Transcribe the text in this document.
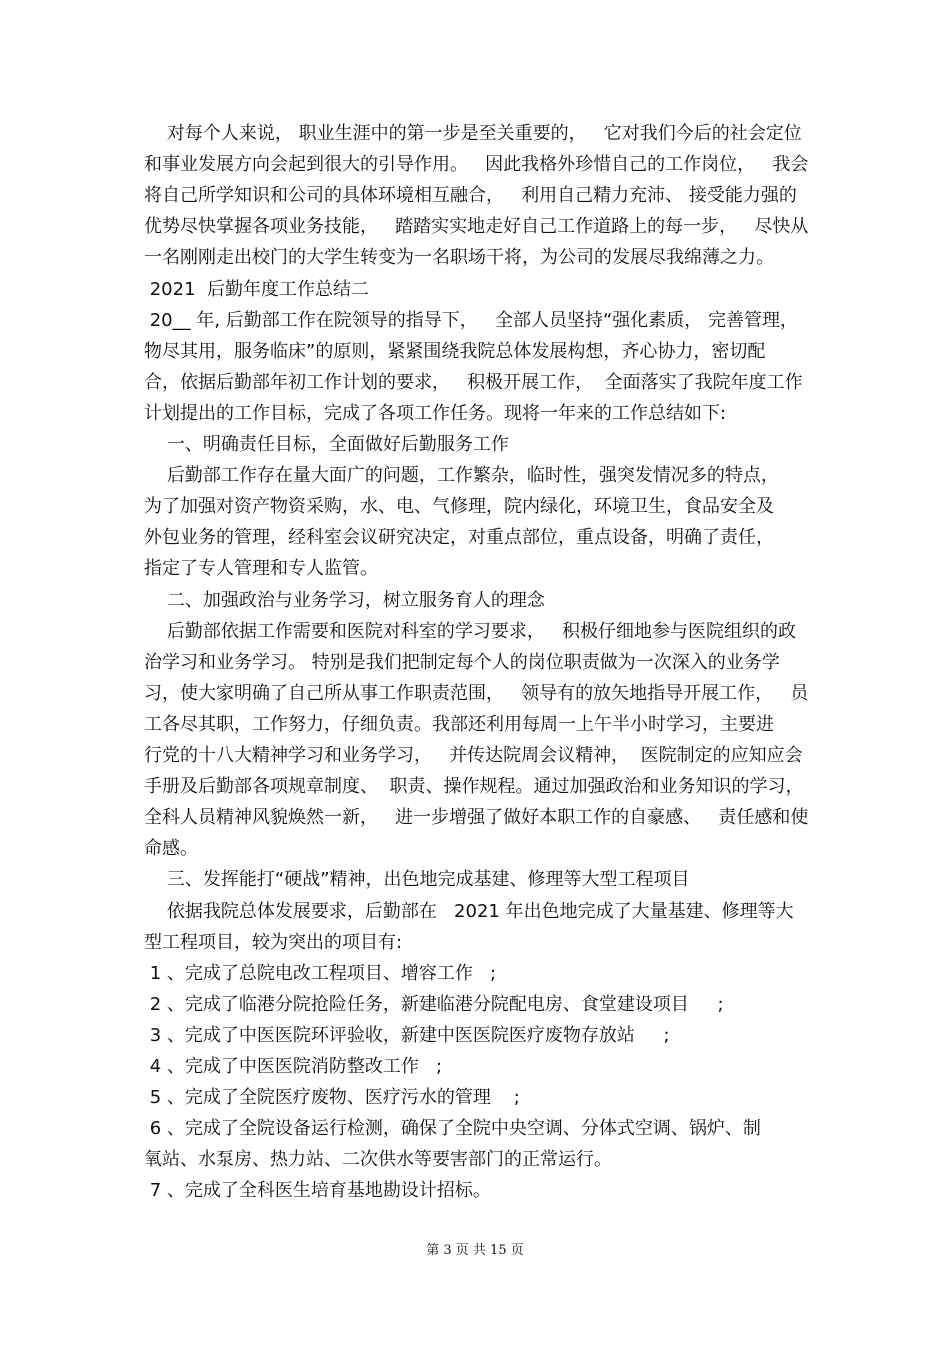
对每个人来说， 职业生涯中的第一步是至关重要的，   它对我们今后的社会定位
和事业发展方向会起到很大的引导作用。   因此我格外珍惜自己的工作岗位，   我会
将自己所学知识和公司的具体环境相互融合，   利用自己精力充沛、 接受能力强的
优势尽快掌握各项业务技能，   踏踏实实地走好自己工作道路上的每一步，   尽快从
一名刚刚走出校门的大学生转变为一名职场干将，为公司的发展尽我绵薄之力。
2021  后勤年度工作总结二
20__ 年, 后勤部工作在院领导的指导下，   全部人员坚持“强化素质， 完善管理，
物尽其用，服务临床”的原则，紧紧围绕我院总体发展构想，齐心协力，密切配
合，依据后勤部年初工作计划的要求，   积极开展工作，  全面落实了我院年度工作
计划提出的工作目标，完成了各项工作任务。现将一年来的工作总结如下:
一、明确责任目标，全面做好后勤服务工作
后勤部工作存在量大面广的问题，工作繁杂，临时性，强突发情况多的特点，
为了加强对资产物资采购，水、电、气修理，院内绿化，环境卫生，食品安全及
外包业务的管理，经科室会议研究决定，对重点部位，重点设备，明确了责任，
指定了专人管理和专人监管。
二、加强政治与业务学习，树立服务育人的理念
后勤部依据工作需要和医院对科室的学习要求，   积极仔细地参与医院组织的政
治学习和业务学习。 特别是我们把制定每个人的岗位职责做为一次深入的业务学
习，使大家明确了自己所从事工作职责范围，   领导有的放矢地指导开展工作，   员
工各尽其职，工作努力，仔细负责。我部还利用每周一上午半小时学习，主要进
行党的十八大精神学习和业务学习，   并传达院周会议精神，  医院制定的应知应会
手册及后勤部各项规章制度、  职责、操作规程。通过加强政治和业务知识的学习，
全科人员精神风貌焕然一新，   进一步增强了做好本职工作的自豪感、   责任感和使
命感。
三、发挥能打“硬战”精神，出色地完成基建、修理等大型工程项目
依据我院总体发展要求，后勤部在   2021 年出色地完成了大量基建、修理等大
型工程项目，较为突出的项目有:
1 、完成了总院电改工程项目、增容工作   ;
2 、完成了临港分院抢险任务，新建临港分院配电房、食堂建设项目     ;
3 、完成了中医医院环评验收，新建中医医院医疗废物存放站     ;
4 、完成了中医医院消防整改工作   ;
5 、完成了全院医疗废物、医疗污水的管理    ;
6 、完成了全院设备运行检测，确保了全院中央空调、分体式空调、锅炉、制
氧站、水泵房、热力站、二次供水等要害部门的正常运行。
7 、完成了全科医生培育基地勘设计招标。
第 3 页 共 15 页
